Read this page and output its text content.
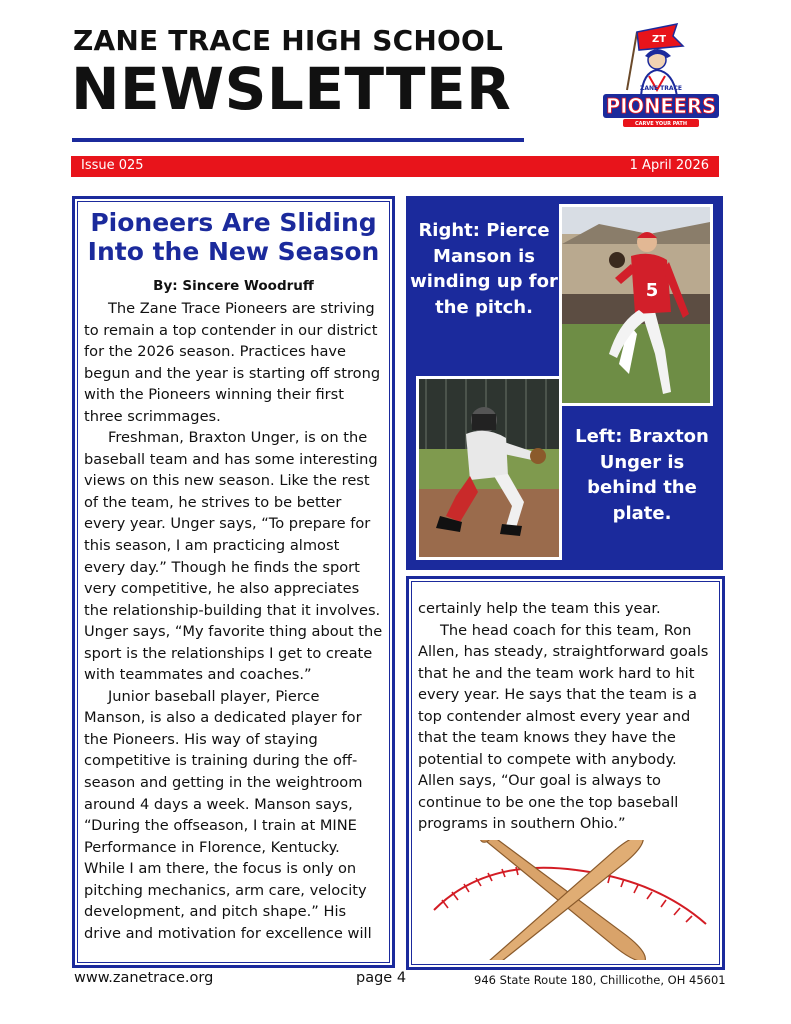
ZANE TRACE HIGH SCHOOL
NEWSLETTER
ZT
ZANE TRACE
PIONEERS
CARVE YOUR PATH
Issue 025	1 April 2026
Pioneers Are Sliding
Into the New Season
By: Sincere Woodruff

The Zane Trace Pioneers are striving to remain a top contender in our district for the 2026 season. Practices have begun and the year is starting off strong with the Pioneers winning their first three scrimmages.

Freshman, Braxton Unger, is on the baseball team and has some interesting views on this new season. Like the rest of the team, he strives to be better every year. Unger says, “To prepare for this season, I am practicing almost every day.” Though he finds the sport very competitive, he also appreciates the relationship-building that it involves. Unger says, “My favorite thing about the sport is the relationships I get to create with teammates and coaches.”

Junior baseball player, Pierce Manson, is also a dedicated player for the Pioneers. His way of staying competitive is training during the off-season and getting in the weightroom around 4 days a week. Manson says, “During the offseason, I train at MINE Performance in Florence, Kentucky. While I am there, the focus is only on pitching mechanics, arm care, velocity development, and pitch shape.” His drive and motivation for excellence will

Right: Pierce Manson is winding up for the pitch.
5
Left: Braxton Unger is behind the plate.

certainly help the team this year.

The head coach for this team, Ron Allen, has steady, straightforward goals that he and the team work hard to hit every year. He says that the team is a top contender almost every year and that the team knows they have the potential to compete with anybody. Allen says, “Our goal is always to continue to be one the top baseball programs in southern Ohio.”

www.zanetrace.org	page 4	946 State Route 180, Chillicothe, OH 45601
